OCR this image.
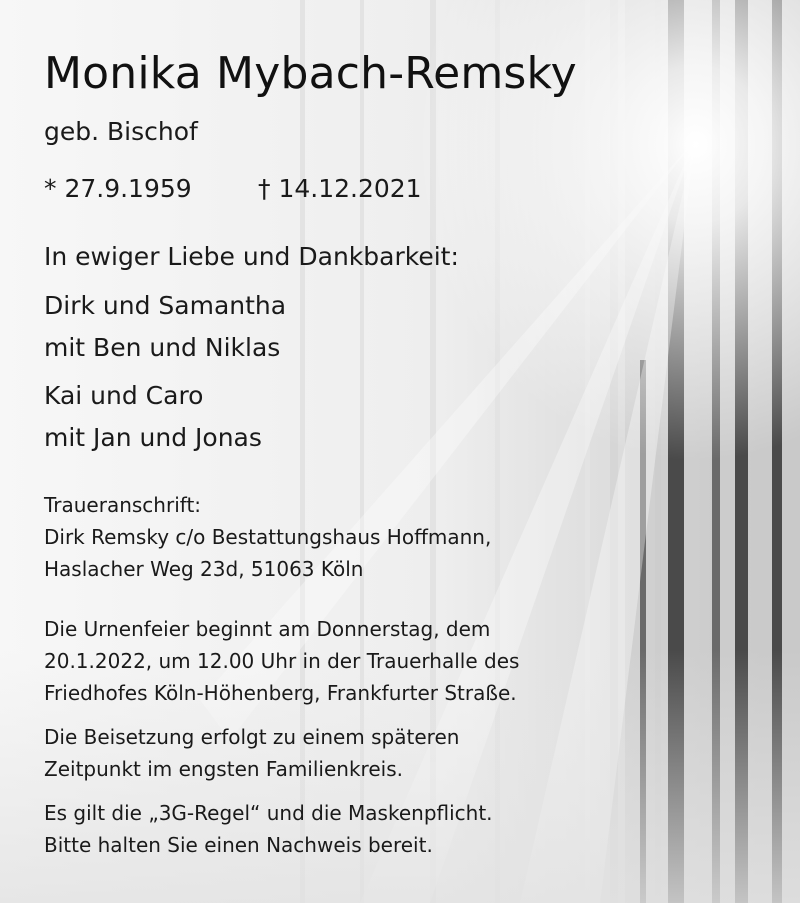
Monika Mybach-Remsky
geb. Bischof
* 27.9.1959	† 14.12.2021
In ewiger Liebe und Dankbarkeit:
Dirk und Samantha
mit Ben und Niklas
Kai und Caro
mit Jan und Jonas
Traueranschrift:
Dirk Remsky c/o Bestattungshaus Hoffmann,
Haslacher Weg 23d, 51063 Köln
Die Urnenfeier beginnt am Donnerstag, dem
20.1.2022, um 12.00 Uhr in der Trauerhalle des
Friedhofes Köln-Höhenberg, Frankfurter Straße.
Die Beisetzung erfolgt zu einem späteren
Zeitpunkt im engsten Familienkreis.
Es gilt die „3G-Regel“ und die Maskenpflicht.
Bitte halten Sie einen Nachweis bereit.
